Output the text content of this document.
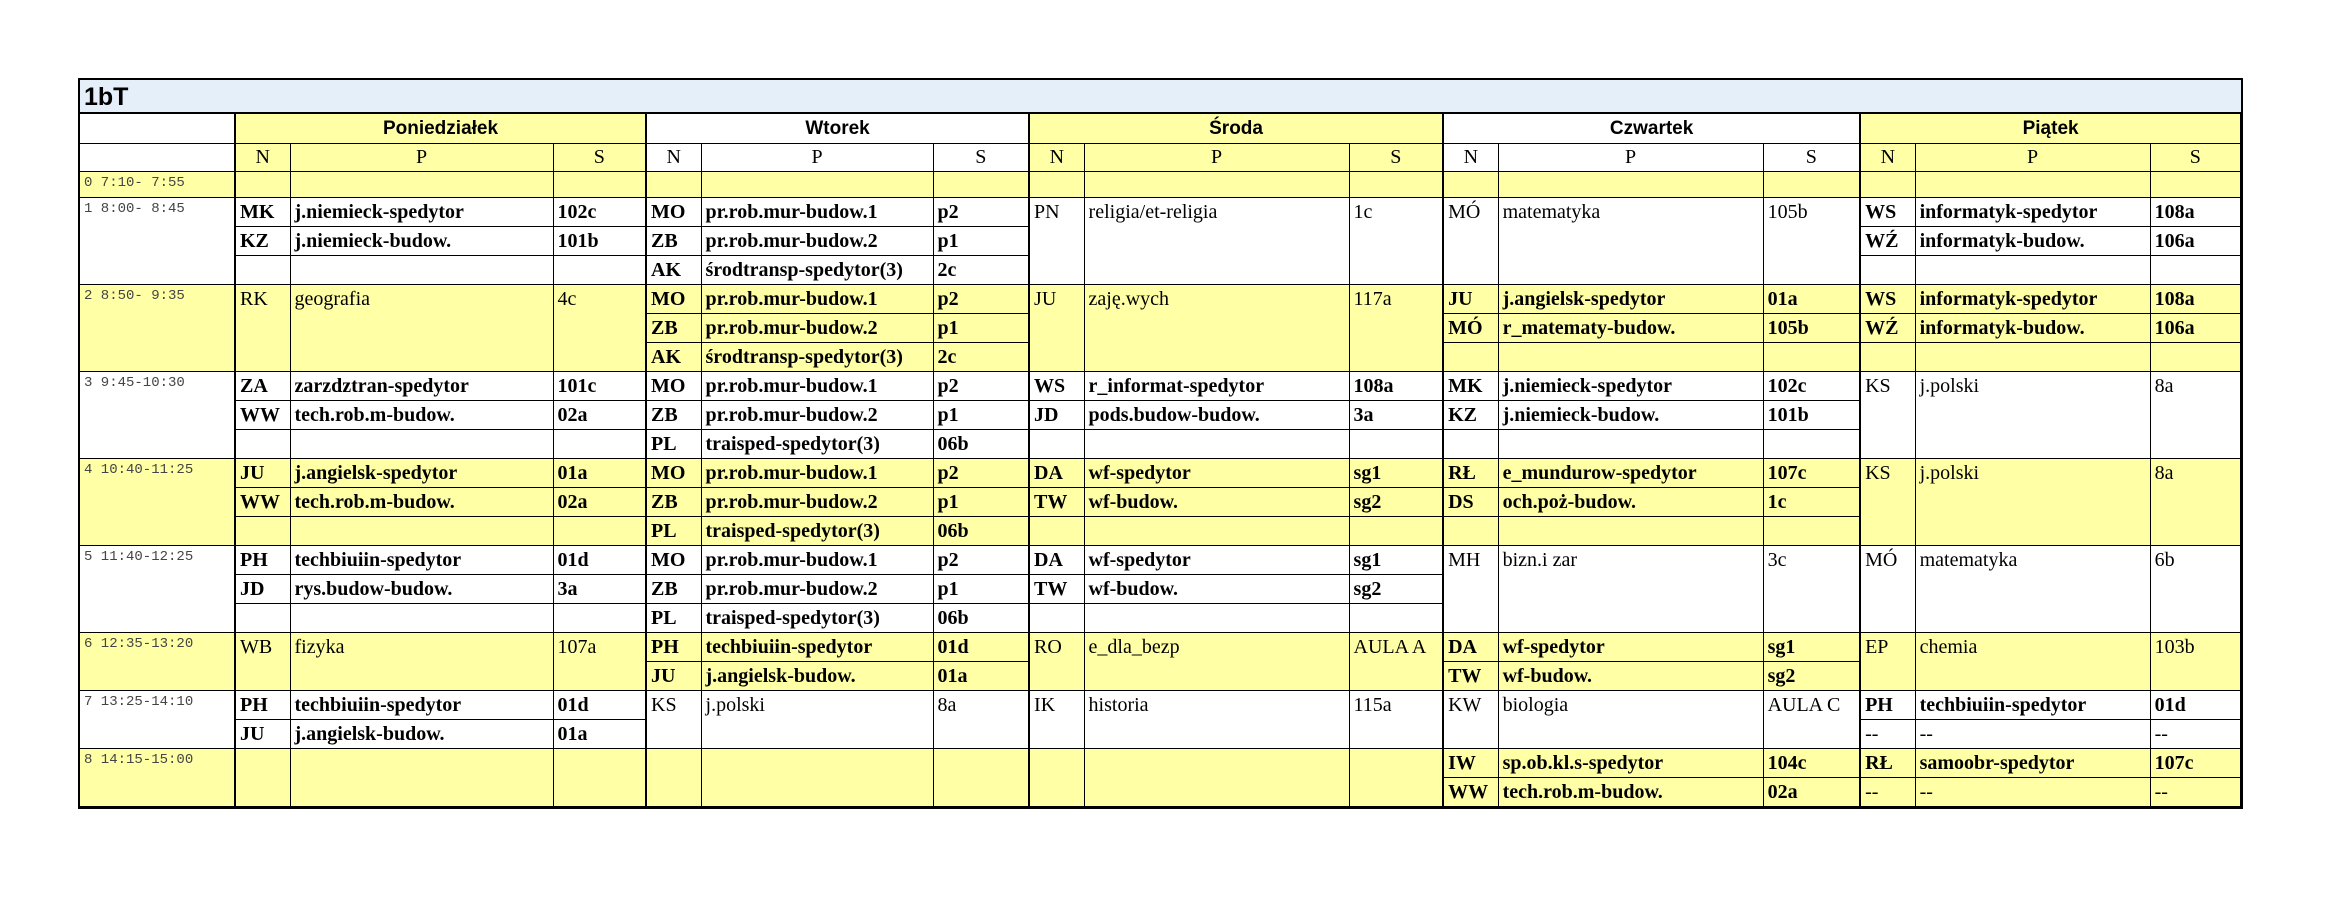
1bT
	Poniedziałek			Wtorek			Środa			Czwartek			Piątek		
	N	P	S	N	P	S	N	P	S	N	P	S	N	P	S
0 7:10- 7:55															
1 8:00- 8:45	MK	j.niemieck-spedytor	102c	MO	pr.rob.mur-budow.1	p2	PN	religia/et-religia	1c	MÓ	matematyka	105b	WS	informatyk-spedytor	108a
	KZ	j.niemieck-budow.	101b	ZB	pr.rob.mur-budow.2	p1							WŹ	informatyk-budow.	106a
				AK	środtransp-spedytor(3)	2c									
2 8:50- 9:35	RK	geografia	4c	MO	pr.rob.mur-budow.1	p2	JU	zaję.wych	117a	JU	j.angielsk-spedytor	01a	WS	informatyk-spedytor	108a
				ZB	pr.rob.mur-budow.2	p1				MÓ	r_matematy-budow.	105b	WŹ	informatyk-budow.	106a
				AK	środtransp-spedytor(3)	2c									
3 9:45-10:30	ZA	zarzdztran-spedytor	101c	MO	pr.rob.mur-budow.1	p2	WS	r_informat-spedytor	108a	MK	j.niemieck-spedytor	102c	KS	j.polski	8a
	WW	tech.rob.m-budow.	02a	ZB	pr.rob.mur-budow.2	p1	JD	pods.budow-budow.	3a	KZ	j.niemieck-budow.	101b			
				PL	traisped-spedytor(3)	06b									
4 10:40-11:25	JU	j.angielsk-spedytor	01a	MO	pr.rob.mur-budow.1	p2	DA	wf-spedytor	sg1	RŁ	e_mundurow-spedytor	107c	KS	j.polski	8a
	WW	tech.rob.m-budow.	02a	ZB	pr.rob.mur-budow.2	p1	TW	wf-budow.	sg2	DS	och.poż-budow.	1c			
				PL	traisped-spedytor(3)	06b									
5 11:40-12:25	PH	techbiuiin-spedytor	01d	MO	pr.rob.mur-budow.1	p2	DA	wf-spedytor	sg1	MH	bizn.i zar	3c	MÓ	matematyka	6b
	JD	rys.budow-budow.	3a	ZB	pr.rob.mur-budow.2	p1	TW	wf-budow.	sg2						
				PL	traisped-spedytor(3)	06b									
6 12:35-13:20	WB	fizyka	107a	PH	techbiuiin-spedytor	01d	RO	e_dla_bezp	AULA A	DA	wf-spedytor	sg1	EP	chemia	103b
				JU	j.angielsk-budow.	01a				TW	wf-budow.	sg2			
7 13:25-14:10	PH	techbiuiin-spedytor	01d	KS	j.polski	8a	IK	historia	115a	KW	biologia	AULA C	PH	techbiuiin-spedytor	01d
	JU	j.angielsk-budow.	01a										--	--	--
8 14:15-15:00										IW	sp.ob.kl.s-spedytor	104c	RŁ	samoobr-spedytor	107c
										WW	tech.rob.m-budow.	02a	--	--	--
